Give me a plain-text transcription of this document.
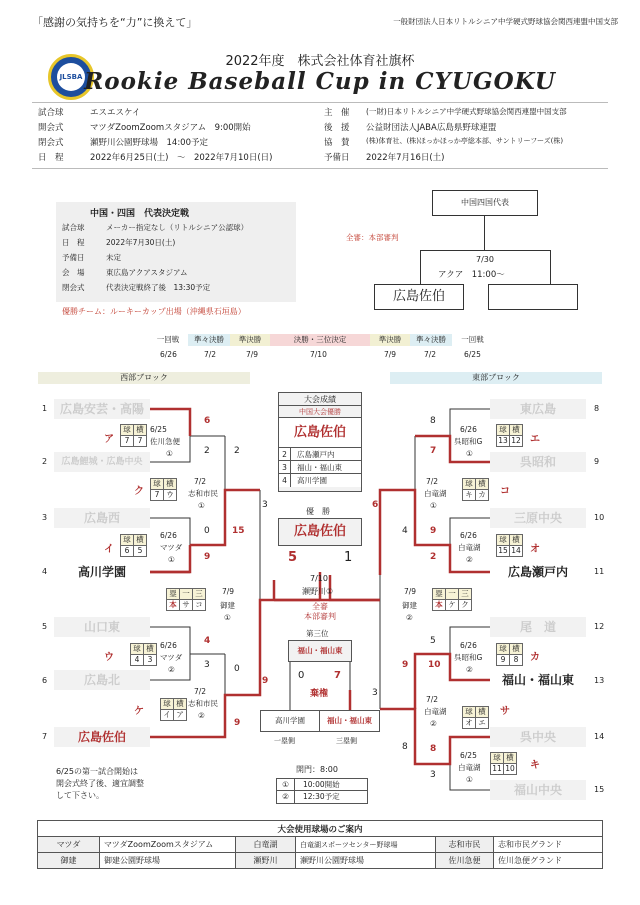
「感謝の気持ちを“力”に換えて」	一般財団法人日本リトルシニア中学硬式野球協会関西連盟中国支部
JLSBA
2022年度　株式会社体育社旗杯
Rookie Baseball Cup in CYUGOKU
試合球	エスエスケイ
開会式	マツダZoomZoomスタジアム　9:00開始
閉会式	瀬野川公園野球場　14:00予定
日　程	2022年6月25日(土)　～　2022年7月10日(日)
主　催	(一財)日本リトルシニア中学硬式野球協会関西連盟中国支部
後　援	公益財団法人JABA広島県野球連盟
協　賛	(株)体育社、(株)ほっかほっか亭総本部、サントリーフーズ(株)
予備日	2022年7月16日(土)
中国・四国　代表決定戦
試合球	メーカー指定なし（リトルシニア公認球）
日　程	2022年7月30日(土)
予備日	未定
会　場	東広島アクアスタジアム
閉会式	代表決定戦終了後　13:30予定
優勝チーム：ルーキーカップ出場（沖縄県石垣島）
全審：本部審判
中国四国代表
7/30
アクア　11:00～
広島佐伯
一回戦	準々決勝	準決勝	決勝・三位決定	準決勝	準々決勝	一回戦
6/26	7/2	7/9	7/10	7/9	7/2	6/25
西部ブロック	東部ブロック
1	広島安芸・高陽
2	広島鯉城・広島中央
3	広島西
4	高川学園
5	山口東
6	広島北
7	広島佐伯
東広島	8
呉昭和	9
三原中央	10
広島瀬戸内	11
尾　道	12
福山・福山東	13
呉中央	14
福山中央	15
ア
球	横
7	7
6/25
佐川急便
①
イ
球	横
6	5
6/26
マツダ
①
ウ
球	横
4	3
6/26
マツダ
②
ク
球	横
7	ウ
7/2
志和市民
①
ケ
球	横
イ	ア
7/2
志和市民
②
塁	一	三
本	サ	コ
7/9
御建
①
エ
球	横
13	12
6/26
呉昭和G
①
オ
球	横
15	14
6/26
白竜湖
②
カ
球	横
9	8
6/26
呉昭和G
②
キ
球	横
11	10
6/25
白竜湖
①
コ
球	横
キ	カ
7/2
白竜湖
①
サ
球	横
オ	エ
7/2
白竜湖
②
塁	一	三
本	ケ	ク
7/9
御建
②
6
2	2
0
9
15
3
4
3	0
9
9
8
7
6
4 9
2
5
10
9
3
8 8
3
大会成績
中国大会優勝
広島佐伯
2 広島瀬戸内
3 福山・福山東
4 高川学園
優　勝
広島佐伯
5	1
7/10
瀬野川①
全審
本部審判
第三位
福山・福山東
0	7
棄権
高川学園	福山・福山東
一塁側	三塁側
開門：8:00
① 10:00開始
② 12:30予定
6/25の第一試合開始は
開会式終了後、適宜調整
して下さい。
大会使用球場のご案内					
マツダ	マツダZoomZoomスタジアム	白竜湖	白竜湖スポーツセンター野球場	志和市民	志和市民グランド
御建	御建公園野球場	瀬野川	瀬野川公園野球場	佐川急便	佐川急便グランド
